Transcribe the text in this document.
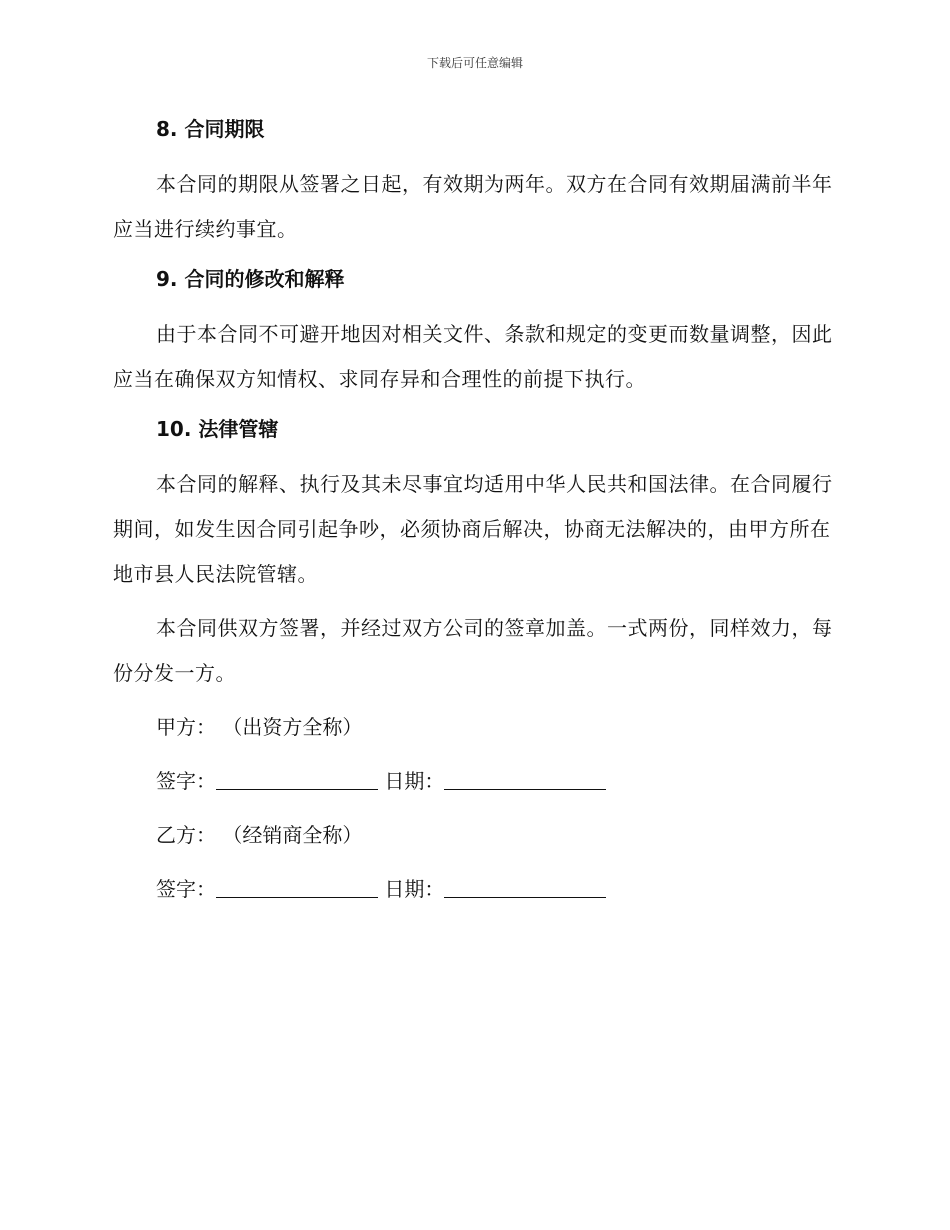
下载后可任意编辑
8. 合同期限

本合同的期限从签署之日起，有效期为两年。双方在合同有效期届满前半年应当进行续约事宜。

9. 合同的修改和解释

由于本合同不可避开地因对相关文件、条款和规定的变更而数量调整，因此应当在确保双方知情权、求同存异和合理性的前提下执行。

10. 法律管辖

本合同的解释、执行及其未尽事宜均适用中华人民共和国法律。在合同履行期间，如发生因合同引起争吵，必须协商后解决，协商无法解决的，由甲方所在地市县人民法院管辖。

本合同供双方签署，并经过双方公司的签章加盖。一式两份，同样效力，每份分发一方。

甲方： （出资方全称）
签字：	日期：
乙方： （经销商全称）
签字：	日期：
